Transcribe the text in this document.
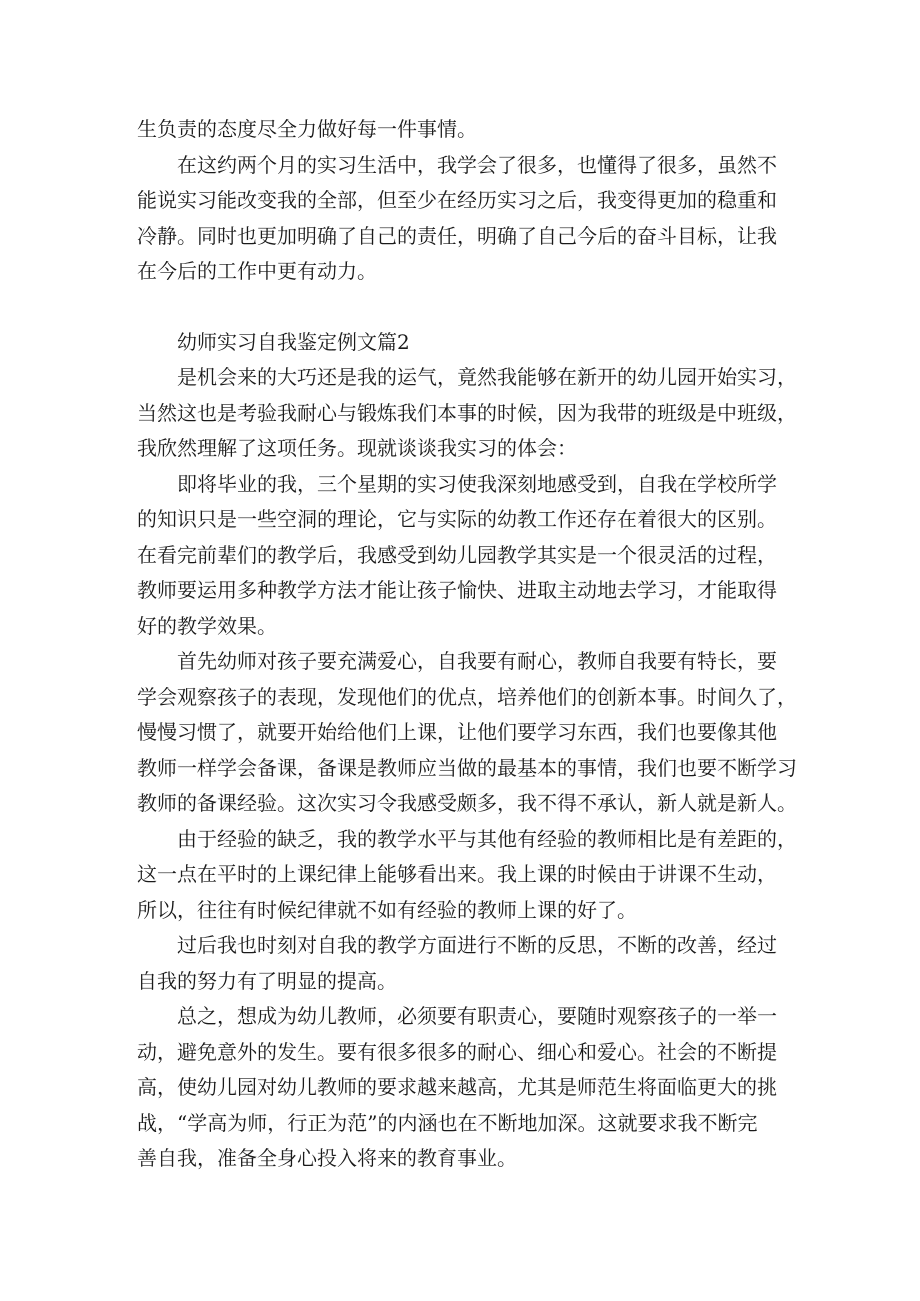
生负责的态度尽全力做好每一件事情。
在这约两个月的实习生活中，我学会了很多，也懂得了很多，虽然不
能说实习能改变我的全部，但至少在经历实习之后，我变得更加的稳重和
冷静。同时也更加明确了自己的责任，明确了自己今后的奋斗目标，让我
在今后的工作中更有动力。
幼师实习自我鉴定例文篇2
是机会来的大巧还是我的运气，竟然我能够在新开的幼儿园开始实习，
当然这也是考验我耐心与锻炼我们本事的时候，因为我带的班级是中班级，
我欣然理解了这项任务。现就谈谈我实习的体会：
即将毕业的我，三个星期的实习使我深刻地感受到，自我在学校所学
的知识只是一些空洞的理论，它与实际的幼教工作还存在着很大的区别。
在看完前辈们的教学后，我感受到幼儿园教学其实是一个很灵活的过程，
教师要运用多种教学方法才能让孩子愉快、进取主动地去学习，才能取得
好的教学效果。
首先幼师对孩子要充满爱心，自我要有耐心，教师自我要有特长，要
学会观察孩子的表现，发现他们的优点，培养他们的创新本事。时间久了，
慢慢习惯了，就要开始给他们上课，让他们要学习东西，我们也要像其他
教师一样学会备课，备课是教师应当做的最基本的事情，我们也要不断学习
教师的备课经验。这次实习令我感受颇多，我不得不承认，新人就是新人。
由于经验的缺乏，我的教学水平与其他有经验的教师相比是有差距的，
这一点在平时的上课纪律上能够看出来。我上课的时候由于讲课不生动，
所以，往往有时候纪律就不如有经验的教师上课的好了。
过后我也时刻对自我的教学方面进行不断的反思，不断的改善，经过
自我的努力有了明显的提高。
总之，想成为幼儿教师，必须要有职责心，要随时观察孩子的一举一
动，避免意外的发生。要有很多很多的耐心、细心和爱心。社会的不断提
高，使幼儿园对幼儿教师的要求越来越高，尤其是师范生将面临更大的挑
战，“学高为师，行正为范”的内涵也在不断地加深。这就要求我不断完
善自我，准备全身心投入将来的教育事业。
